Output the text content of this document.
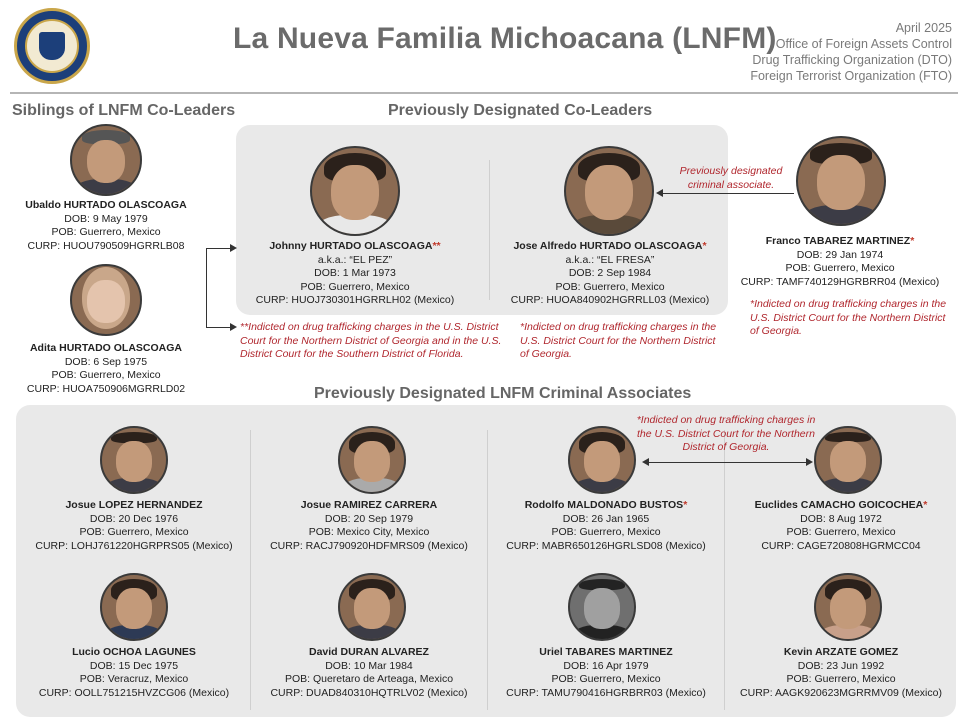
La Nueva Familia Michoacana (LNFM)	April 2025
Office of Foreign Assets Control
Drug Trafficking Organization (DTO)
Foreign Terrorist Organization (FTO)
Siblings of LNFM Co-Leaders	Previously Designated Co-Leaders
Previously Designated LNFM Criminal Associates
Ubaldo HURTADO OLASCOAGA
DOB: 9 May 1979
POB: Guerrero, Mexico
CURP: HUOU790509HGRRLB08
Adita HURTADO OLASCOAGA
DOB: 6 Sep 1975
POB: Guerrero, Mexico
CURP: HUOA750906MGRRLD02
Johnny HURTADO OLASCOAGA**
a.k.a.: “EL PEZ”
DOB: 1 Mar 1973
POB: Guerrero, Mexico
CURP: HUOJ730301HGRRLH02 (Mexico)
Jose Alfredo HURTADO OLASCOAGA*
a.k.a.: “EL FRESA”
DOB: 2 Sep 1984
POB: Guerrero, Mexico
CURP: HUOA840902HGRRLL03 (Mexico)
Franco TABAREZ MARTINEZ*
DOB: 29 Jan 1974
POB: Guerrero, Mexico
CURP: TAMF740129HGRBRR04 (Mexico)
Previously designated criminal associate.
**Indicted on drug trafficking charges in the U.S. District Court for the Northern District of Georgia and in the U.S. District Court for the Southern District of Florida.
*Indicted on drug trafficking charges in the U.S. District Court for the Northern District of Georgia.
*Indicted on drug trafficking charges in the U.S. District Court for the Northern District of Georgia.
Josue LOPEZ HERNANDEZ
DOB: 20 Dec 1976
POB: Guerrero, Mexico
CURP: LOHJ761220HGRPRS05 (Mexico)
Josue RAMIREZ CARRERA
DOB: 20 Sep 1979
POB: Mexico City, Mexico
CURP: RACJ790920HDFMRS09 (Mexico)
Rodolfo MALDONADO BUSTOS*
DOB: 26 Jan 1965
POB: Guerrero, Mexico
CURP: MABR650126HGRLSD08 (Mexico)
Euclides CAMACHO GOICOCHEA*
DOB: 8 Aug 1972
POB: Guerrero, Mexico
CURP: CAGE720808HGRMCC04
*Indicted on drug trafficking charges in the U.S. District Court for the Northern District of Georgia.
Lucio OCHOA LAGUNES
DOB: 15 Dec 1975
POB: Veracruz, Mexico
CURP: OOLL751215HVZCG06 (Mexico)
David DURAN ALVAREZ
DOB: 10 Mar 1984
POB: Queretaro de Arteaga, Mexico
CURP: DUAD840310HQTRLV02 (Mexico)
Uriel TABARES MARTINEZ
DOB: 16 Apr 1979
POB: Guerrero, Mexico
CURP: TAMU790416HGRBRR03 (Mexico)
Kevin ARZATE GOMEZ
DOB: 23 Jun 1992
POB: Guerrero, Mexico
CURP: AAGK920623MGRRMV09 (Mexico)
